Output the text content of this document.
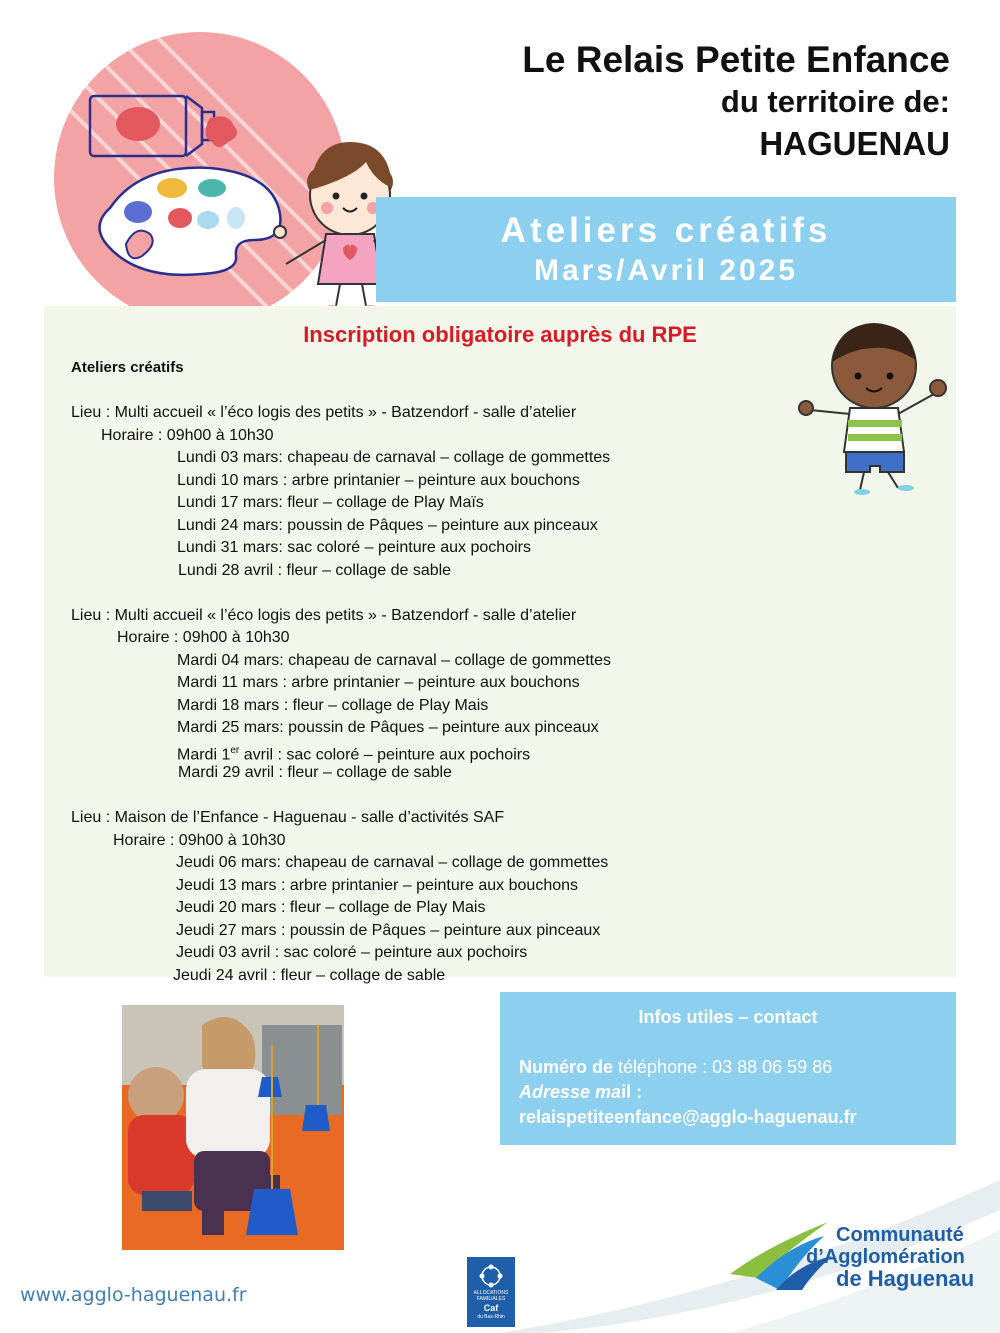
Le Relais Petite Enfance
du territoire de:
HAGUENAU
Ateliers créatifs
Mars/Avril 2025
Inscription obligatoire auprès du RPE
Ateliers créatifs
Lieu : Multi accueil « l’éco logis des petits » - Batzendorf - salle d’atelier
Horaire : 09h00 à 10h30
Lundi 03 mars: chapeau de carnaval – collage de gommettes
Lundi 10 mars : arbre printanier – peinture aux bouchons
Lundi 17 mars: fleur – collage de Play Maïs
Lundi 24 mars: poussin de Pâques – peinture aux pinceaux
Lundi 31 mars: sac coloré – peinture aux pochoirs
Lundi 28 avril : fleur – collage de sable
Lieu : Multi accueil « l’éco logis des petits » - Batzendorf - salle d’atelier
Horaire : 09h00 à 10h30
Mardi 04 mars: chapeau de carnaval – collage de gommettes
Mardi 11 mars : arbre printanier – peinture aux bouchons
Mardi 18 mars : fleur – collage de Play Mais
Mardi 25 mars: poussin de Pâques – peinture aux pinceaux
Mardi 1er avril : sac coloré – peinture aux pochoirs
Mardi 29 avril : fleur – collage de sable
Lieu : Maison de l’Enfance - Haguenau - salle d’activités SAF
Horaire : 09h00 à 10h30
Jeudi 06 mars: chapeau de carnaval – collage de gommettes
Jeudi 13 mars : arbre printanier – peinture aux bouchons
Jeudi 20 mars : fleur – collage de Play Mais
Jeudi 27 mars : poussin de Pâques – peinture aux pinceaux
Jeudi 03 avril : sac coloré – peinture aux pochoirs
Jeudi 24 avril : fleur – collage de sable
Infos utiles – contact
Numéro de téléphone : 03 88 06 59 86
Adresse mail :
relaispetiteenfance@agglo-haguenau.fr
www.agglo-haguenau.fr	ALLOCATIONS
FAMILIALES
Caf
du Bas-Rhin
Communauté
d’Agglomération
de Haguenau
